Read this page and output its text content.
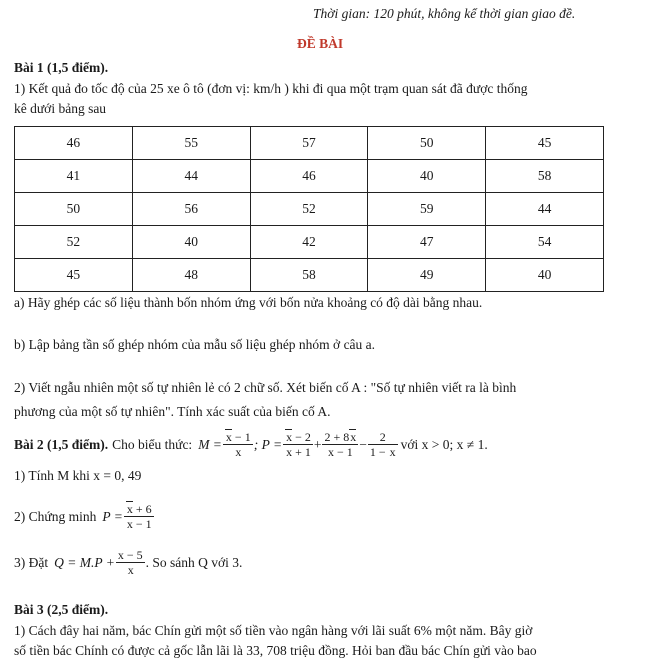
Thời gian: 120 phút, không kể thời gian giao đề.
ĐỀ BÀI
Bài 1 (1,5 điểm).
1) Kết quả đo tốc độ của 25 xe ô tô (đơn vị: km/h ) khi đi qua một trạm quan sát đã được thống
kê dưới bảng sau
46	55	57	50	45
41	44	46	40	58
50	56	52	59	44
52	40	42	47	54
45	48	58	49	40
a) Hãy ghép các số liệu thành bốn nhóm ứng với bốn nửa khoảng có độ dài bằng nhau.
b) Lập bảng tần số ghép nhóm của mẫu số liệu ghép nhóm ở câu a.
2) Viết ngẫu nhiên một số tự nhiên lẻ có 2 chữ số. Xét biến cố A : "Số tự nhiên viết ra là bình
phương của một số tự nhiên". Tính xác suất của biến cố A.
Bài 2 (1,5 điểm). Cho biểu thức: $M = \frac{x - 1}{x}$ ; $P = \frac{x - 2}{x + 1} + \frac{2 + 8x}{x - 1} - \frac{2}{1 - x}$ với x > 0; x ≠ 1.
1) Tính M khi x = 0, 49
2) Chứng minh $P = \frac{x + 6}{x - 1}$
3) Đặt $Q = M.P + \frac{x - 5}{x}$ . So sánh Q với 3.
Bài 3 (2,5 điểm).
1) Cách đây hai năm, bác Chín gửi một số tiền vào ngân hàng với lãi suất 6% một năm. Bây giờ
số tiền bác Chính có được cả gốc lẫn lãi là 33, 708 triệu đồng. Hỏi ban đầu bác Chín gửi vào bao
